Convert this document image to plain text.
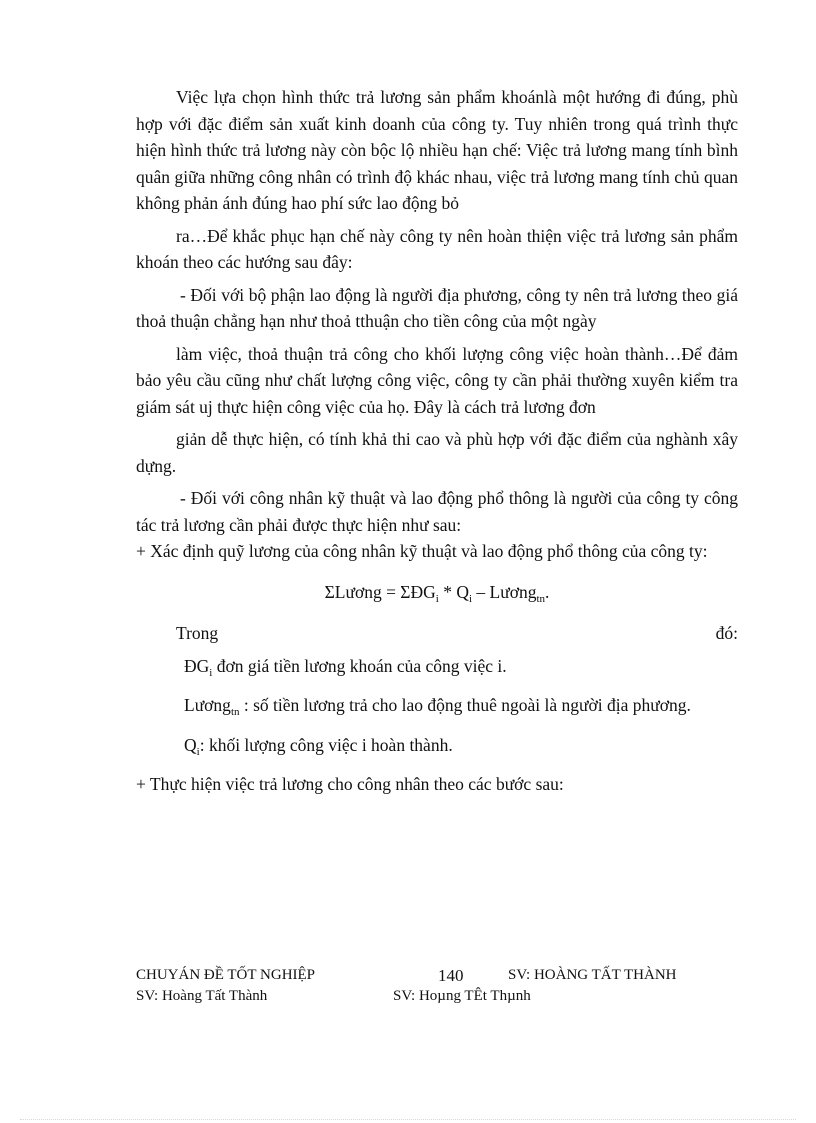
Việc lựa chọn hình thức trả lương sản phẩm khoánlà một hướng đi đúng, phù hợp với đặc điểm sản xuất kinh doanh của công ty. Tuy nhiên trong quá trình thực hiện hình thức trả lương này còn bộc lộ nhiều hạn chế: Việc trả lương mang tính bình quân giữa những công nhân có trình độ khác nhau, việc trả lương mang tính chủ quan không phản ánh đúng hao phí sức lao động bỏ

ra…Để khắc phục hạn chế này công ty nên hoàn thiện việc trả lương sản phẩm khoán theo các hướng sau đây:

- Đối với bộ phận lao động là người địa phương, công ty nên trả lương theo giá thoả thuận chẳng hạn như thoả tthuận cho tiền công của một ngày

làm việc, thoả thuận trả công cho khối lượng công việc hoàn thành…Để đảm bảo yêu cầu cũng như chất lượng công việc, công ty cần phải thường xuyên kiểm tra giám sát uj thực hiện công việc của họ. Đây là cách trả lương đơn

giản dễ thực hiện, có tính khả thi cao và phù hợp với đặc điểm của nghành xây dựng.

- Đối với công nhân kỹ thuật và lao động phổ thông là người của công ty công tác trả lương cần phải được thực hiện như sau:

+ Xác định quỹ lương của công nhân kỹ thuật và lao động phổ thông của công ty:

ΣLương = $\Sigma ĐG_i * Q_i$ – Lương$_{tn}$.

Trong	đó:

$ĐG_i$ đơn giá tiền lương khoán của công việc i.

Lương$_{tn}$ : số tiền lương trả cho lao động thuê ngoài là người địa phương.

$Q_i$: khối lượng công việc i hoàn thành.

+ Thực hiện việc trả lương cho công nhân theo các bước sau:

CHUYÁN ĐỀ TỐT NGHIỆP	140	SV: HOÀNG TẤT THÀNH
SV: Hoàng Tất Thành	SV: Hoµng TÊt Thµnh
